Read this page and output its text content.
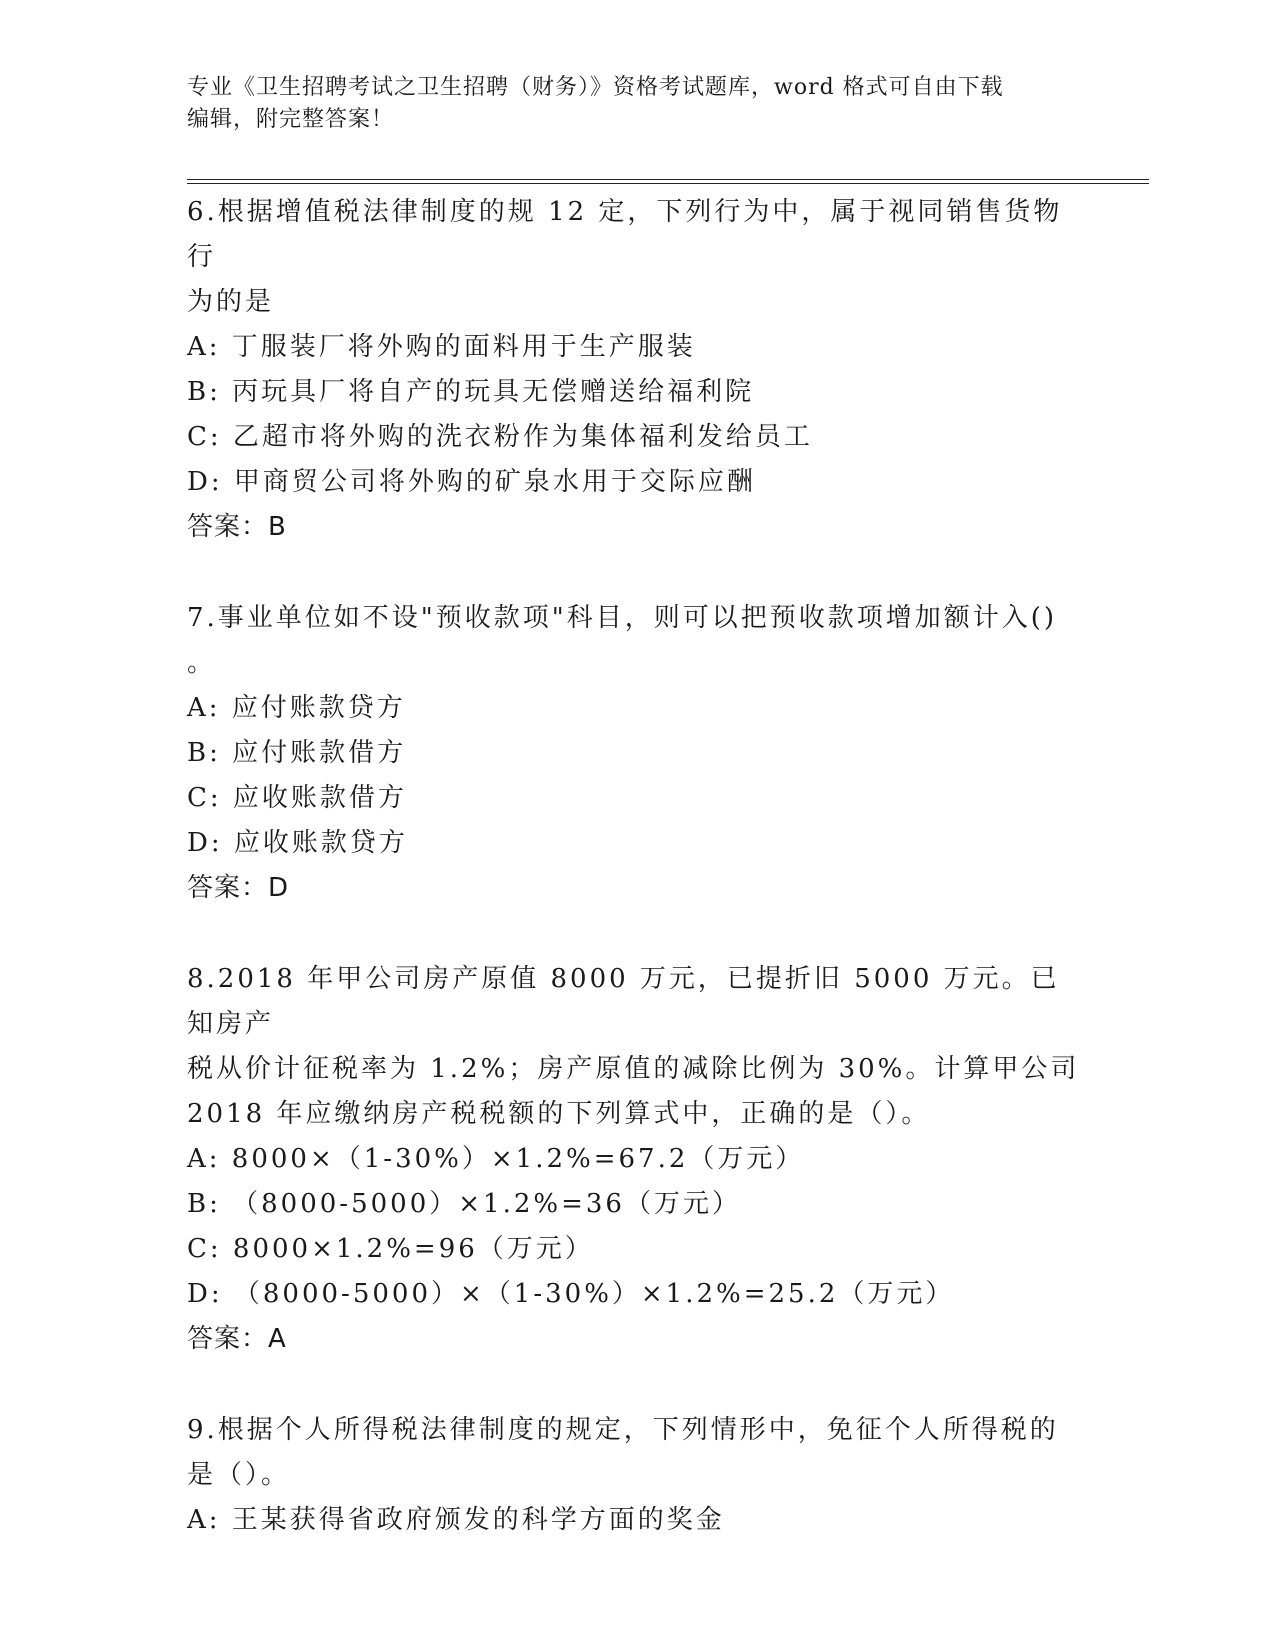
专业《卫生招聘考试之卫生招聘（财务）》资格考试题库，word 格式可自由下载
编辑，附完整答案！

6.根据增值税法律制度的规 12 定，下列行为中，属于视同销售货物行

为的是

A: 丁服装厂将外购的面料用于生产服装

B: 丙玩具厂将自产的玩具无偿赠送给福利院

C: 乙超市将外购的洗衣粉作为集体福利发给员工

D: 甲商贸公司将外购的矿泉水用于交际应酬

答案：B

7.事业单位如不设"预收款项"科目，则可以把预收款项增加额计入()

。

A: 应付账款贷方

B: 应付账款借方

C: 应收账款借方

D: 应收账款贷方

答案：D

8.2018 年甲公司房产原值 8000 万元，已提折旧 5000 万元。已知房产

税从价计征税率为 1.2%；房产原值的减除比例为 30%。计算甲公司

2018 年应缴纳房产税税额的下列算式中，正确的是（）。

A: 8000×（1-30%）×1.2%=67.2（万元）

B: （8000-5000）×1.2%=36（万元）

C: 8000×1.2%=96（万元）

D: （8000-5000）×（1-30%）×1.2%=25.2（万元）

答案：A

9.根据个人所得税法律制度的规定，下列情形中，免征个人所得税的

是（）。

A: 王某获得省政府颁发的科学方面的奖金
